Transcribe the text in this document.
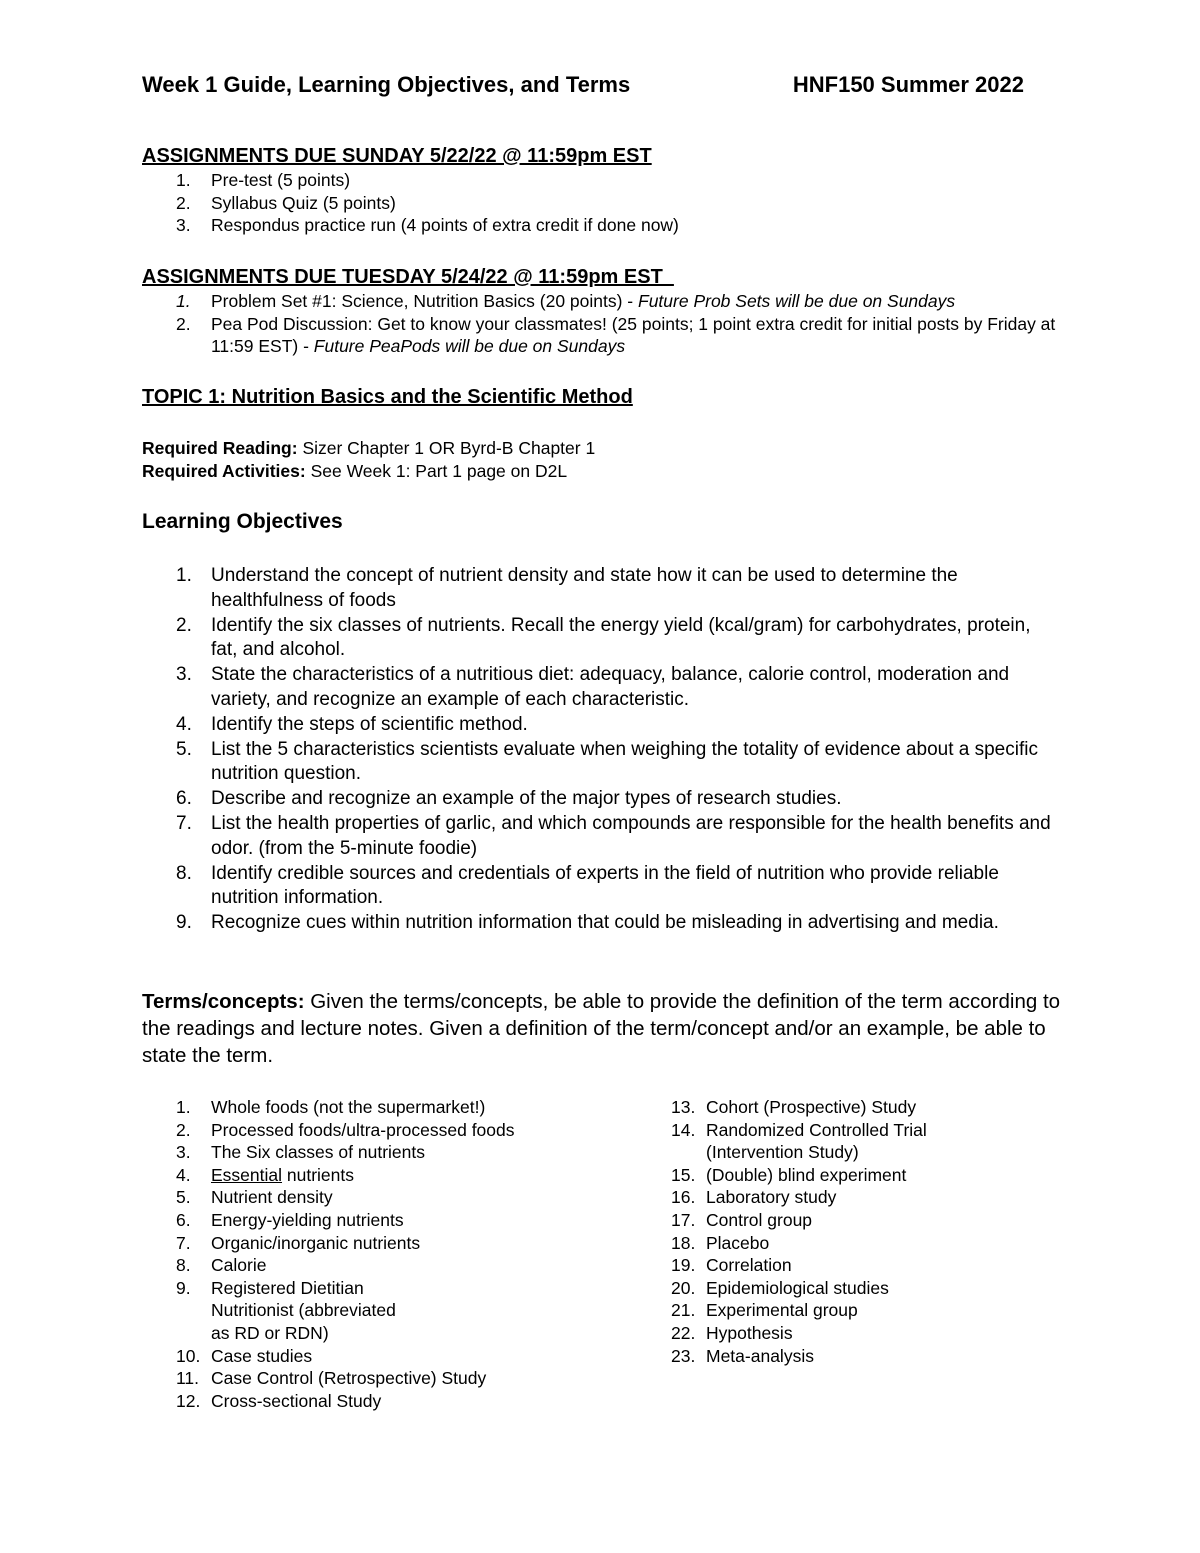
Week 1 Guide, Learning Objectives, and Terms	HNF150 Summer 2022
ASSIGNMENTS DUE SUNDAY 5/22/22 @ 11:59pm EST
1. Pre-test (5 points)
2. Syllabus Quiz (5 points)
3. Respondus practice run (4 points of extra credit if done now)
ASSIGNMENTS DUE TUESDAY 5/24/22 @ 11:59pm EST
1. Problem Set #1: Science, Nutrition Basics (20 points) - Future Prob Sets will be due on Sundays
2. Pea Pod Discussion: Get to know your classmates! (25 points; 1 point extra credit for initial posts by Friday at 11:59 EST) - Future PeaPods will be due on Sundays
TOPIC 1: Nutrition Basics and the Scientific Method
Required Reading: Sizer Chapter 1 OR Byrd-B Chapter 1
Required Activities: See Week 1: Part 1 page on D2L
Learning Objectives
1. Understand the concept of nutrient density and state how it can be used to determine the healthfulness of foods
2. Identify the six classes of nutrients. Recall the energy yield (kcal/gram) for carbohydrates, protein, fat, and alcohol.
3. State the characteristics of a nutritious diet: adequacy, balance, calorie control, moderation and variety, and recognize an example of each characteristic.
4. Identify the steps of scientific method.
5. List the 5 characteristics scientists evaluate when weighing the totality of evidence about a specific nutrition question.
6. Describe and recognize an example of the major types of research studies.
7. List the health properties of garlic, and which compounds are responsible for the health benefits and odor. (from the 5-minute foodie)
8. Identify credible sources and credentials of experts in the field of nutrition who provide reliable nutrition information.
9. Recognize cues within nutrition information that could be misleading in advertising and media.
Terms/concepts: Given the terms/concepts, be able to provide the definition of the term according to the readings and lecture notes. Given a definition of the term/concept and/or an example, be able to state the term.
1. Whole foods (not the supermarket!)
2. Processed foods/ultra-processed foods
3. The Six classes of nutrients
4. Essential nutrients
5. Nutrient density
6. Energy-yielding nutrients
7. Organic/inorganic nutrients
8. Calorie
9. Registered Dietitian Nutritionist (abbreviated as RD or RDN)
10. Case studies
11. Case Control (Retrospective) Study
12. Cross-sectional Study
13. Cohort (Prospective) Study
14. Randomized Controlled Trial (Intervention Study)
15. (Double) blind experiment
16. Laboratory study
17. Control group
18. Placebo
19. Correlation
20. Epidemiological studies
21. Experimental group
22. Hypothesis
23. Meta-analysis
